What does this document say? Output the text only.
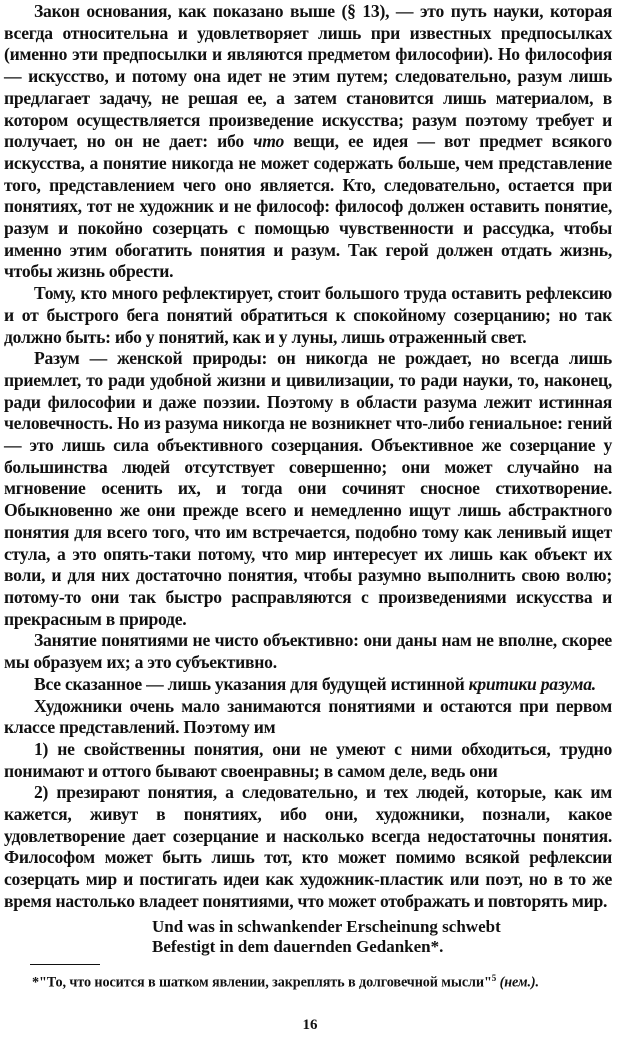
Закон основания, как показано выше (§ 13), — это путь науки, которая всегда относительна и удовлетворяет лишь при известных предпосылках (именно эти предпосылки и являются предметом философии). Но философия — искусство, и потому она идет не этим путем; следовательно, разум лишь предлагает задачу, не решая ее, а затем становится лишь материалом, в котором осуществляется произведение искусства; разум поэтому требует и получает, но он не дает: ибо что вещи, ее идея — вот предмет всякого искусства, а понятие никогда не может содержать больше, чем представление того, представлением чего оно является. Кто, следовательно, остается при понятиях, тот не художник и не философ: философ должен оставить понятие, разум и покойно созерцать с помощью чувственности и рассудка, чтобы именно этим обогатить понятия и разум. Так герой должен отдать жизнь, чтобы жизнь обрести.

Тому, кто много рефлектирует, стоит большого труда оставить рефлексию и от быстрого бега понятий обратиться к спокойному созерцанию; но так должно быть: ибо у понятий, как и у луны, лишь отраженный свет.

Разум — женской природы: он никогда не рождает, но всегда лишь приемлет, то ради удобной жизни и цивилизации, то ради науки, то, наконец, ради философии и даже поэзии. Поэтому в области разума лежит истинная человечность. Но из разума никогда не возникнет что-либо гениальное: гений — это лишь сила объективного созерцания. Объективное же созерцание у большинства людей отсутствует совершенно; они может случайно на мгновение осенить их, и тогда они сочинят сносное стихотворение. Обыкновенно же они прежде всего и немедленно ищут лишь абстрактного понятия для всего того, что им встречается, подобно тому как ленивый ищет стула, а это опять-таки потому, что мир интересует их лишь как объект их воли, и для них достаточно понятия, чтобы разумно выполнить свою волю; потому-то они так быстро расправляются с произведениями искусства и прекрасным в природе.

Занятие понятиями не чисто объективно: они даны нам не вполне, скорее мы образуем их; а это субъективно.

Все сказанное — лишь указания для будущей истинной критики разума.

Художники очень мало занимаются понятиями и остаются при первом классе представлений. Поэтому им

1) не свойственны понятия, они не умеют с ними обходиться, трудно понимают и оттого бывают своенравны; в самом деле, ведь они

2) презирают понятия, а следовательно, и тех людей, которые, как им кажется, живут в понятиях, ибо они, художники, познали, какое удовлетворение дает созерцание и насколько всегда недостаточны понятия. Философом может быть лишь тот, кто может помимо всякой рефлексии созерцать мир и постигать идеи как художник-пластик или поэт, но в то же время настолько владеет понятиями, что может отображать и повторять мир.

Und was in schwankender Erscheinung schwebt
Befestigt in dem dauernden Gedanken*.
*"То, что носится в шатком явлении, закреплять в долговечной мысли"$^5$ (нем.).
16
